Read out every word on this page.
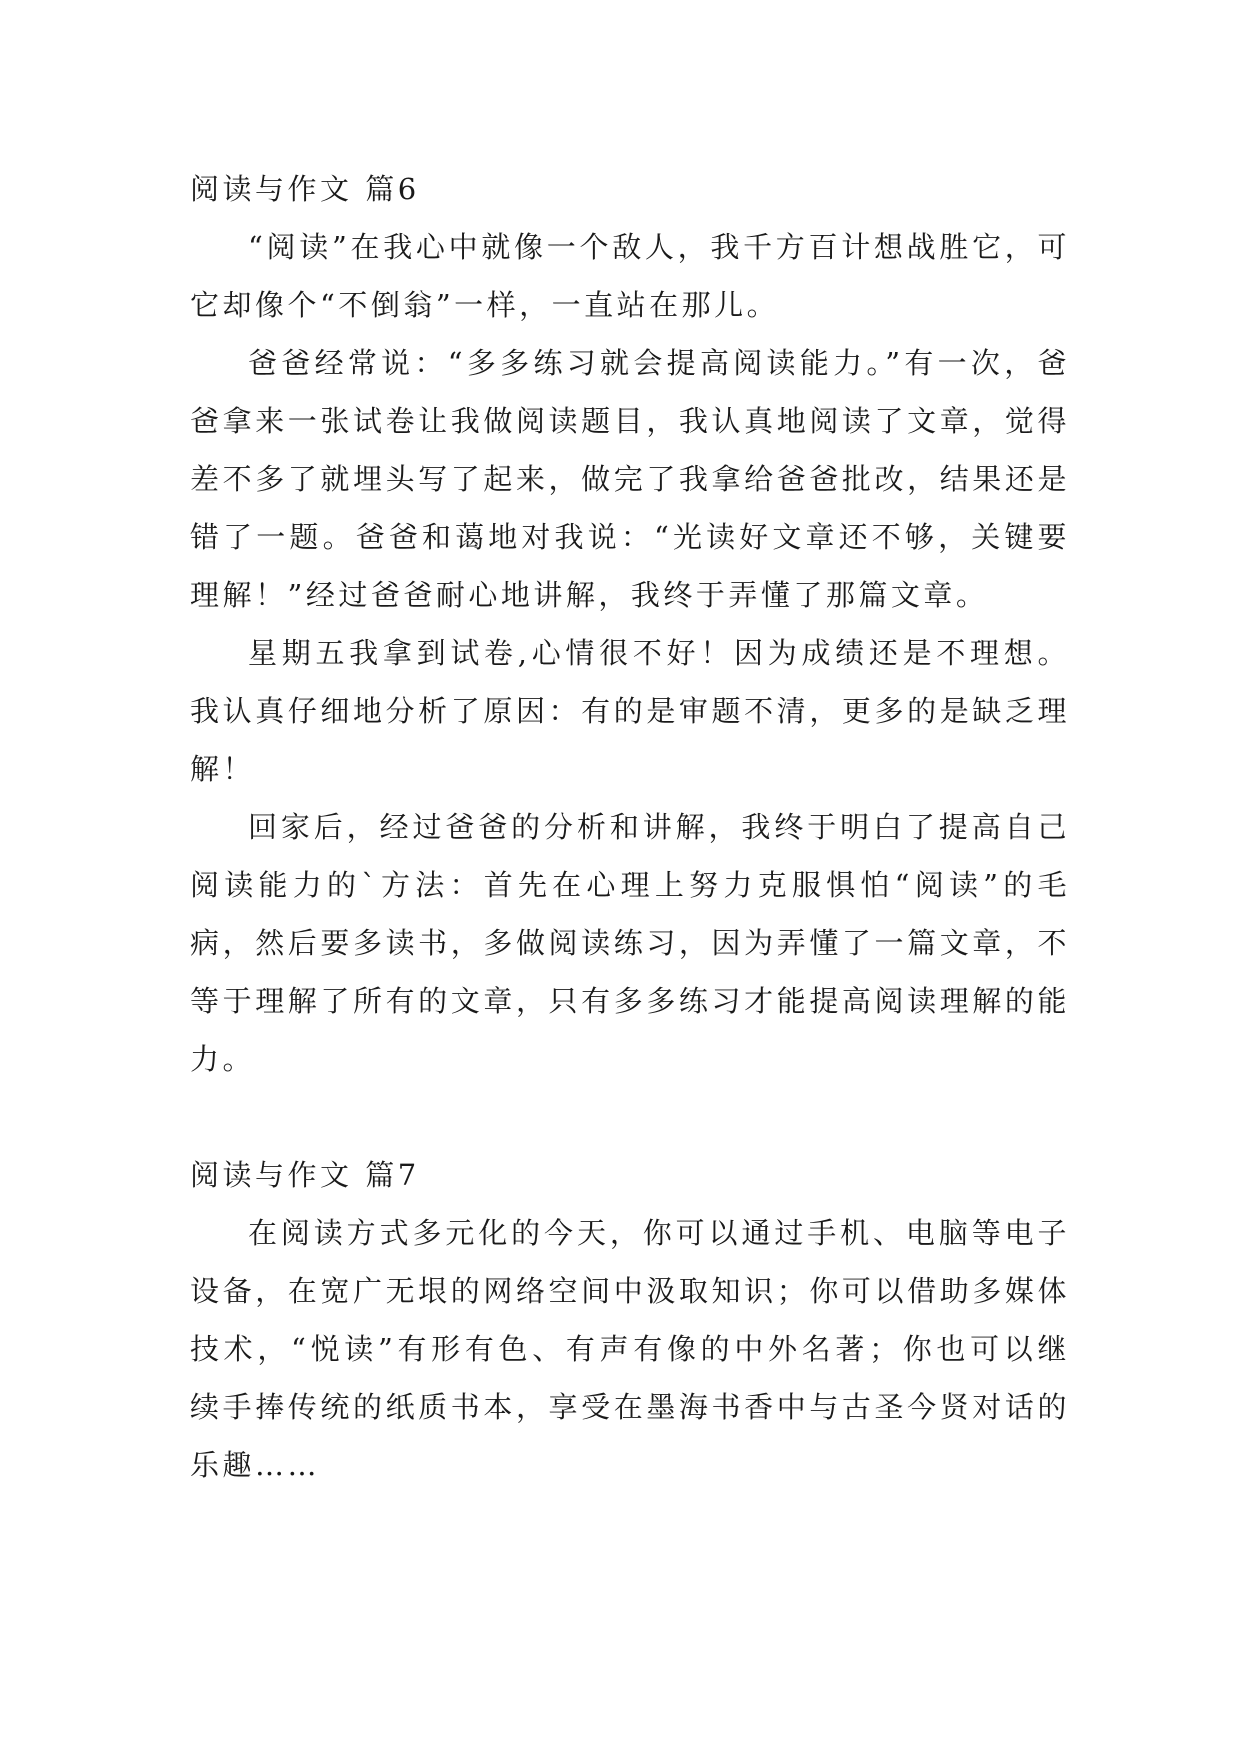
阅读与作文 篇6

“阅读”在我心中就像一个敌人，我千方百计想战胜它，可它却像个“不倒翁”一样，一直站在那儿。

爸爸经常说：“多多练习就会提高阅读能力。”有一次，爸爸拿来一张试卷让我做阅读题目，我认真地阅读了文章，觉得差不多了就埋头写了起来，做完了我拿给爸爸批改，结果还是错了一题。爸爸和蔼地对我说：“光读好文章还不够，关键要理解！”经过爸爸耐心地讲解，我终于弄懂了那篇文章。

星期五我拿到试卷,心情很不好！因为成绩还是不理想。我认真仔细地分析了原因：有的是审题不清，更多的是缺乏理解！

回家后，经过爸爸的分析和讲解，我终于明白了提高自己阅读能力的`方法：首先在心理上努力克服惧怕“阅读”的毛病，然后要多读书，多做阅读练习，因为弄懂了一篇文章，不等于理解了所有的文章，只有多多练习才能提高阅读理解的能力。

阅读与作文 篇7

在阅读方式多元化的今天，你可以通过手机、电脑等电子设备，在宽广无垠的网络空间中汲取知识；你可以借助多媒体技术，“悦读”有形有色、有声有像的中外名著；你也可以继续手捧传统的纸质书本，享受在墨海书香中与古圣今贤对话的乐趣……
